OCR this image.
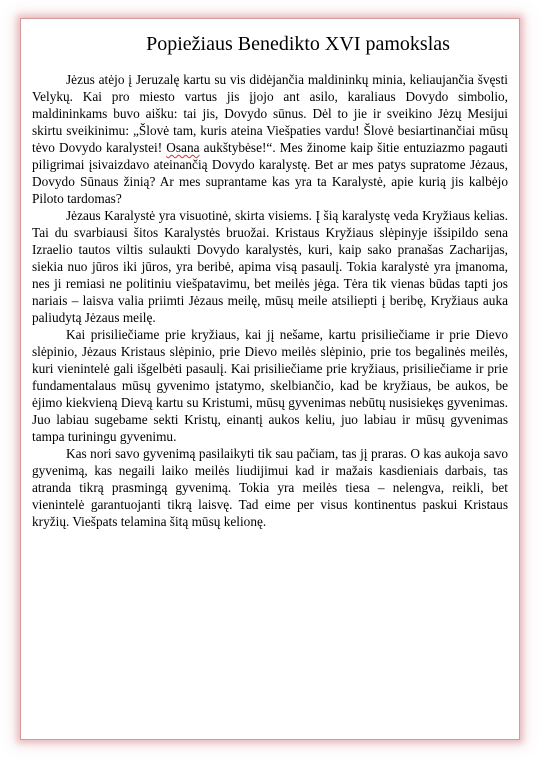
Popiežiaus Benedikto XVI pamokslas

Jėzus atėjo į Jeruzalę kartu su vis didėjančia maldininkų minia, keliaujančia švęsti Velykų. Kai pro miesto vartus jis įjojo ant asilo, karaliaus Dovydo simbolio, maldininkams buvo aišku: tai jis, Dovydo sūnus. Dėl to jie ir sveikino Jėzų Mesijui skirtu sveikinimu: „Šlovė tam, kuris ateina Viešpaties vardu! Šlovė besiartinančiai mūsų tėvo Dovydo karalystei! Osana aukštybėse!“. Mes žinome kaip šitie entuziazmo pagauti piligrimai įsivaizdavo ateinančią Dovydo karalystę. Bet ar mes patys supratome Jėzaus, Dovydo Sūnaus žinią? Ar mes suprantame kas yra ta Karalystė, apie kurią jis kalbėjo Piloto tardomas?

Jėzaus Karalystė yra visuotinė, skirta visiems. Į šią karalystę veda Kryžiaus kelias. Tai du svarbiausi šitos Karalystės bruožai. Kristaus Kryžiaus slėpinyje išsipildo sena Izraelio tautos viltis sulaukti Dovydo karalystės, kuri, kaip sako pranašas Zacharijas, siekia nuo jūros iki jūros, yra beribė, apima visą pasaulį. Tokia karalystė yra įmanoma, nes ji remiasi ne politiniu viešpatavimu, bet meilės jėga. Tėra tik vienas būdas tapti jos nariais – laisva valia priimti Jėzaus meilę, mūsų meile atsiliepti į beribę, Kryžiaus auka paliudytą Jėzaus meilę.

Kai prisiliečiame prie kryžiaus, kai jį nešame, kartu prisiliečiame ir prie Dievo slėpinio, Jėzaus Kristaus slėpinio, prie Dievo meilės slėpinio, prie tos begalinės meilės, kuri vienintelė gali išgelbėti pasaulį. Kai prisiliečiame prie kryžiaus, prisiliečiame ir prie fundamentalaus mūsų gyvenimo įstatymo, skelbiančio, kad be kryžiaus, be aukos, be ėjimo kiekvieną Dievą kartu su Kristumi, mūsų gyvenimas nebūtų nusisiekęs gyvenimas. Juo labiau sugebame sekti Kristų, einantį aukos keliu, juo labiau ir mūsų gyvenimas tampa turiningu gyvenimu.

Kas nori savo gyvenimą pasilaikyti tik sau pačiam, tas jį praras. O kas aukoja savo gyvenimą, kas negaili laiko meilės liudijimui kad ir mažais kasdieniais darbais, tas atranda tikrą prasmingą gyvenimą. Tokia yra meilės tiesa – nelengva, reikli, bet vienintelė garantuojanti tikrą laisvę. Tad eime per visus kontinentus paskui Kristaus kryžių. Viešpats telamina šitą mūsų kelionę.
